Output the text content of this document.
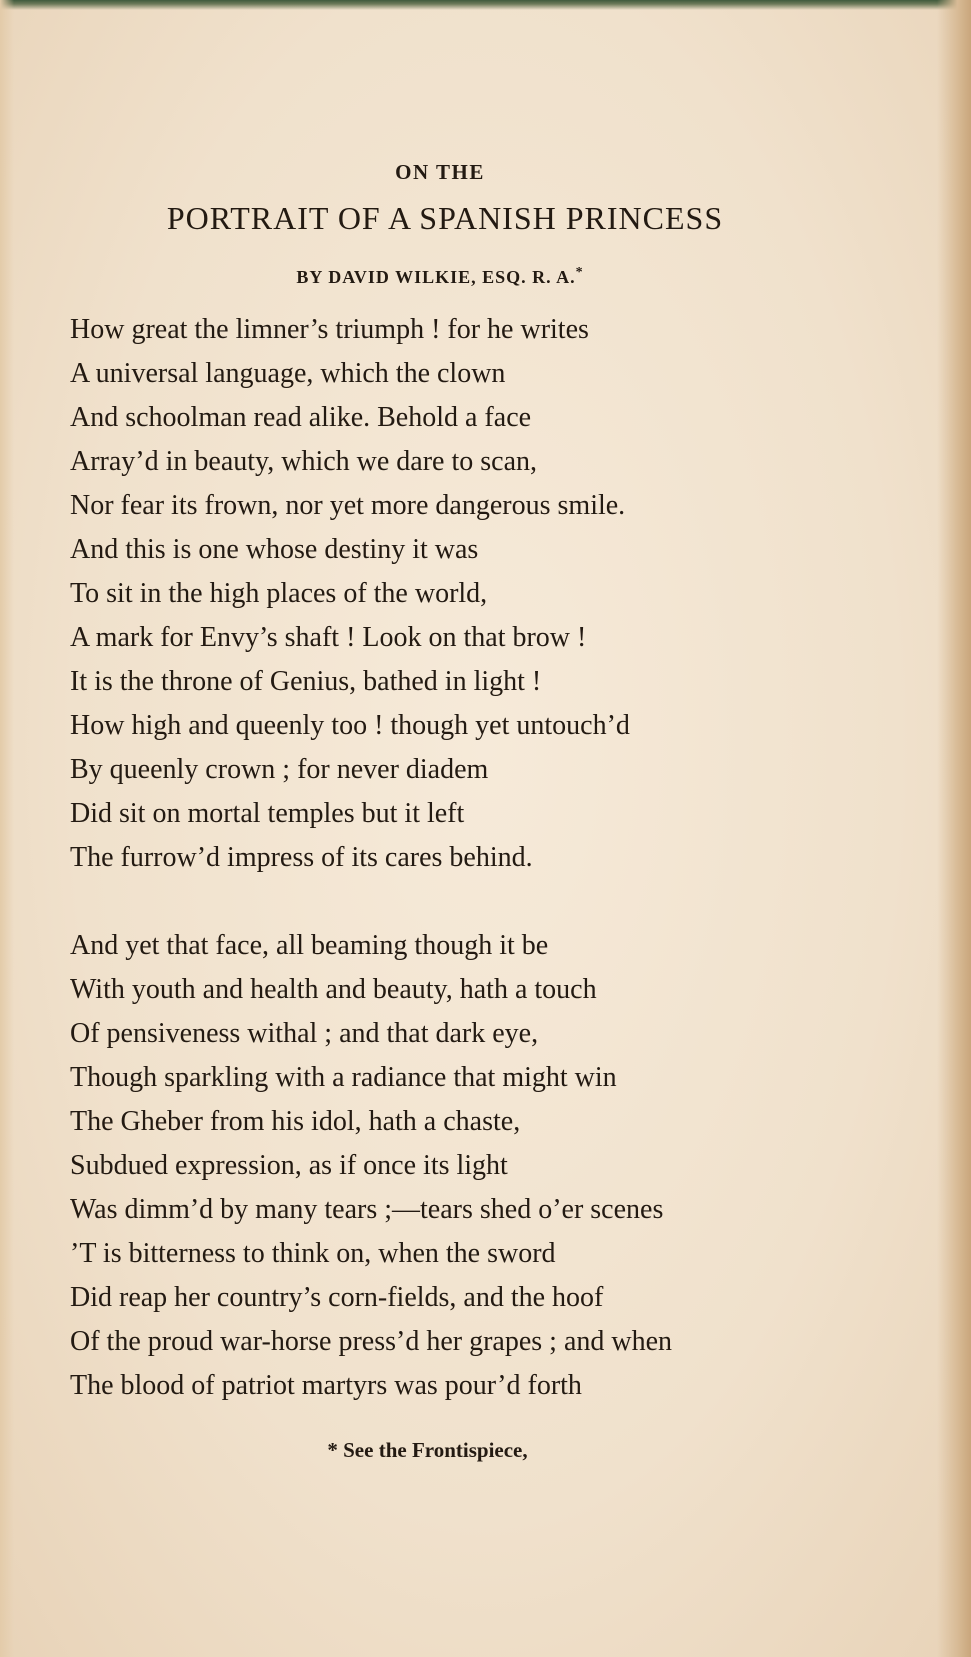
ON THE
PORTRAIT OF A SPANISH PRINCESS
BY DAVID WILKIE, ESQ. R. A.*
How great the limner’s triumph ! for he writes
A universal language, which the clown
And schoolman read alike. Behold a face
Array’d in beauty, which we dare to scan,
Nor fear its frown, nor yet more dangerous smile.
And this is one whose destiny it was
To sit in the high places of the world,
A mark for Envy’s shaft ! Look on that brow !
It is the throne of Genius, bathed in light !
How high and queenly too ! though yet untouch’d
By queenly crown ; for never diadem
Did sit on mortal temples but it left
The furrow’d impress of its cares behind.
And yet that face, all beaming though it be
With youth and health and beauty, hath a touch
Of pensiveness withal ; and that dark eye,
Though sparkling with a radiance that might win
The Gheber from his idol, hath a chaste,
Subdued expression, as if once its light
Was dimm’d by many tears ;—tears shed o’er scenes
’T is bitterness to think on, when the sword
Did reap her country’s corn-fields, and the hoof
Of the proud war-horse press’d her grapes ; and when
The blood of patriot martyrs was pour’d forth
* See the Frontispiece,
